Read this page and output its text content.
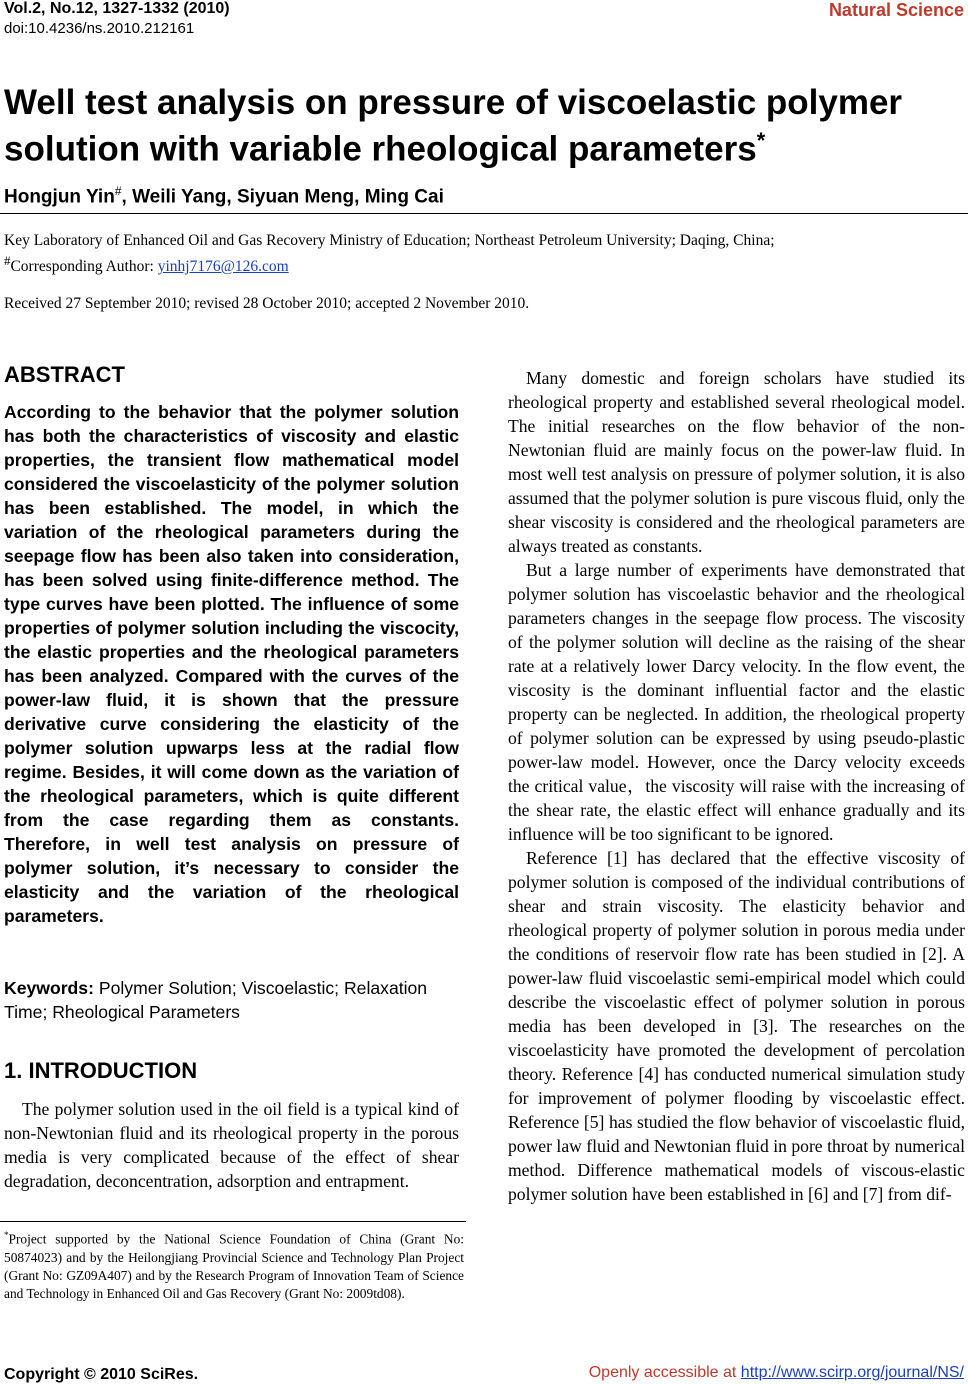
Vol.2, No.12, 1327-1332 (2010)
doi:10.4236/ns.2010.212161
Natural Science
Well test analysis on pressure of viscoelastic polymer solution with variable rheological parameters*
Hongjun Yin#, Weili Yang, Siyuan Meng, Ming Cai
Key Laboratory of Enhanced Oil and Gas Recovery Ministry of Education; Northeast Petroleum University; Daqing, China;
#Corresponding Author: yinhj7176@126.com
Received 27 September 2010; revised 28 October 2010; accepted 2 November 2010.
ABSTRACT
According to the behavior that the polymer solution has both the characteristics of viscosity and elastic properties, the transient flow mathematical model considered the viscoelasticity of the polymer solution has been established. The model, in which the variation of the rheological parameters during the seepage flow has been also taken into consideration, has been solved using finite-difference method. The type curves have been plotted. The influence of some properties of polymer solution including the viscocity, the elastic properties and the rheological parameters has been analyzed. Compared with the curves of the power-law fluid, it is shown that the pressure derivative curve considering the elasticity of the polymer solution upwarps less at the radial flow regime. Besides, it will come down as the variation of the rheological parameters, which is quite different from the case regarding them as constants. Therefore, in well test analysis on pressure of polymer solution, it’s necessary to consider the elasticity and the variation of the rheological parameters.
Keywords: Polymer Solution; Viscoelastic; Relaxation Time; Rheological Parameters
1. INTRODUCTION
The polymer solution used in the oil field is a typical kind of non-Newtonian fluid and its rheological property in the porous media is very complicated because of the effect of shear degradation, deconcentration, adsorption and entrapment.
*Project supported by the National Science Foundation of China (Grant No: 50874023) and by the Heilongjiang Provincial Science and Technology Plan Project (Grant No: GZ09A407) and by the Research Program of Innovation Team of Science and Technology in Enhanced Oil and Gas Recovery (Grant No: 2009td08).

Many domestic and foreign scholars have studied its rheological property and established several rheological model. The initial researches on the flow behavior of the non-Newtonian fluid are mainly focus on the power-law fluid. In most well test analysis on pressure of polymer solution, it is also assumed that the polymer solution is pure viscous fluid, only the shear viscosity is considered and the rheological parameters are always treated as constants.

But a large number of experiments have demonstrated that polymer solution has viscoelastic behavior and the rheological parameters changes in the seepage flow process. The viscosity of the polymer solution will decline as the raising of the shear rate at a relatively lower Darcy velocity. In the flow event, the viscosity is the dominant influential factor and the elastic property can be neglected. In addition, the rheological property of polymer solution can be expressed by using pseudo-plastic power-law model. However, once the Darcy velocity exceeds the critical value，the viscosity will raise with the increasing of the shear rate, the elastic effect will enhance gradually and its influence will be too significant to be ignored.

Reference [1] has declared that the effective viscosity of polymer solution is composed of the individual contributions of shear and strain viscosity. The elasticity behavior and rheological property of polymer solution in porous media under the conditions of reservoir flow rate has been studied in [2]. A power-law fluid viscoelastic semi-empirical model which could describe the viscoelastic effect of polymer solution in porous media has been developed in [3]. The researches on the viscoelasticity have promoted the development of percolation theory. Reference [4] has conducted numerical simulation study for improvement of polymer flooding by viscoelastic effect. Reference [5] has studied the flow behavior of viscoelastic fluid, power law fluid and Newtonian fluid in pore throat by numerical method. Difference mathematical models of viscous-elastic polymer solution have been established in [6] and [7] from dif-

Copyright © 2010 SciRes.	Openly accessible at http://www.scirp.org/journal/NS/
